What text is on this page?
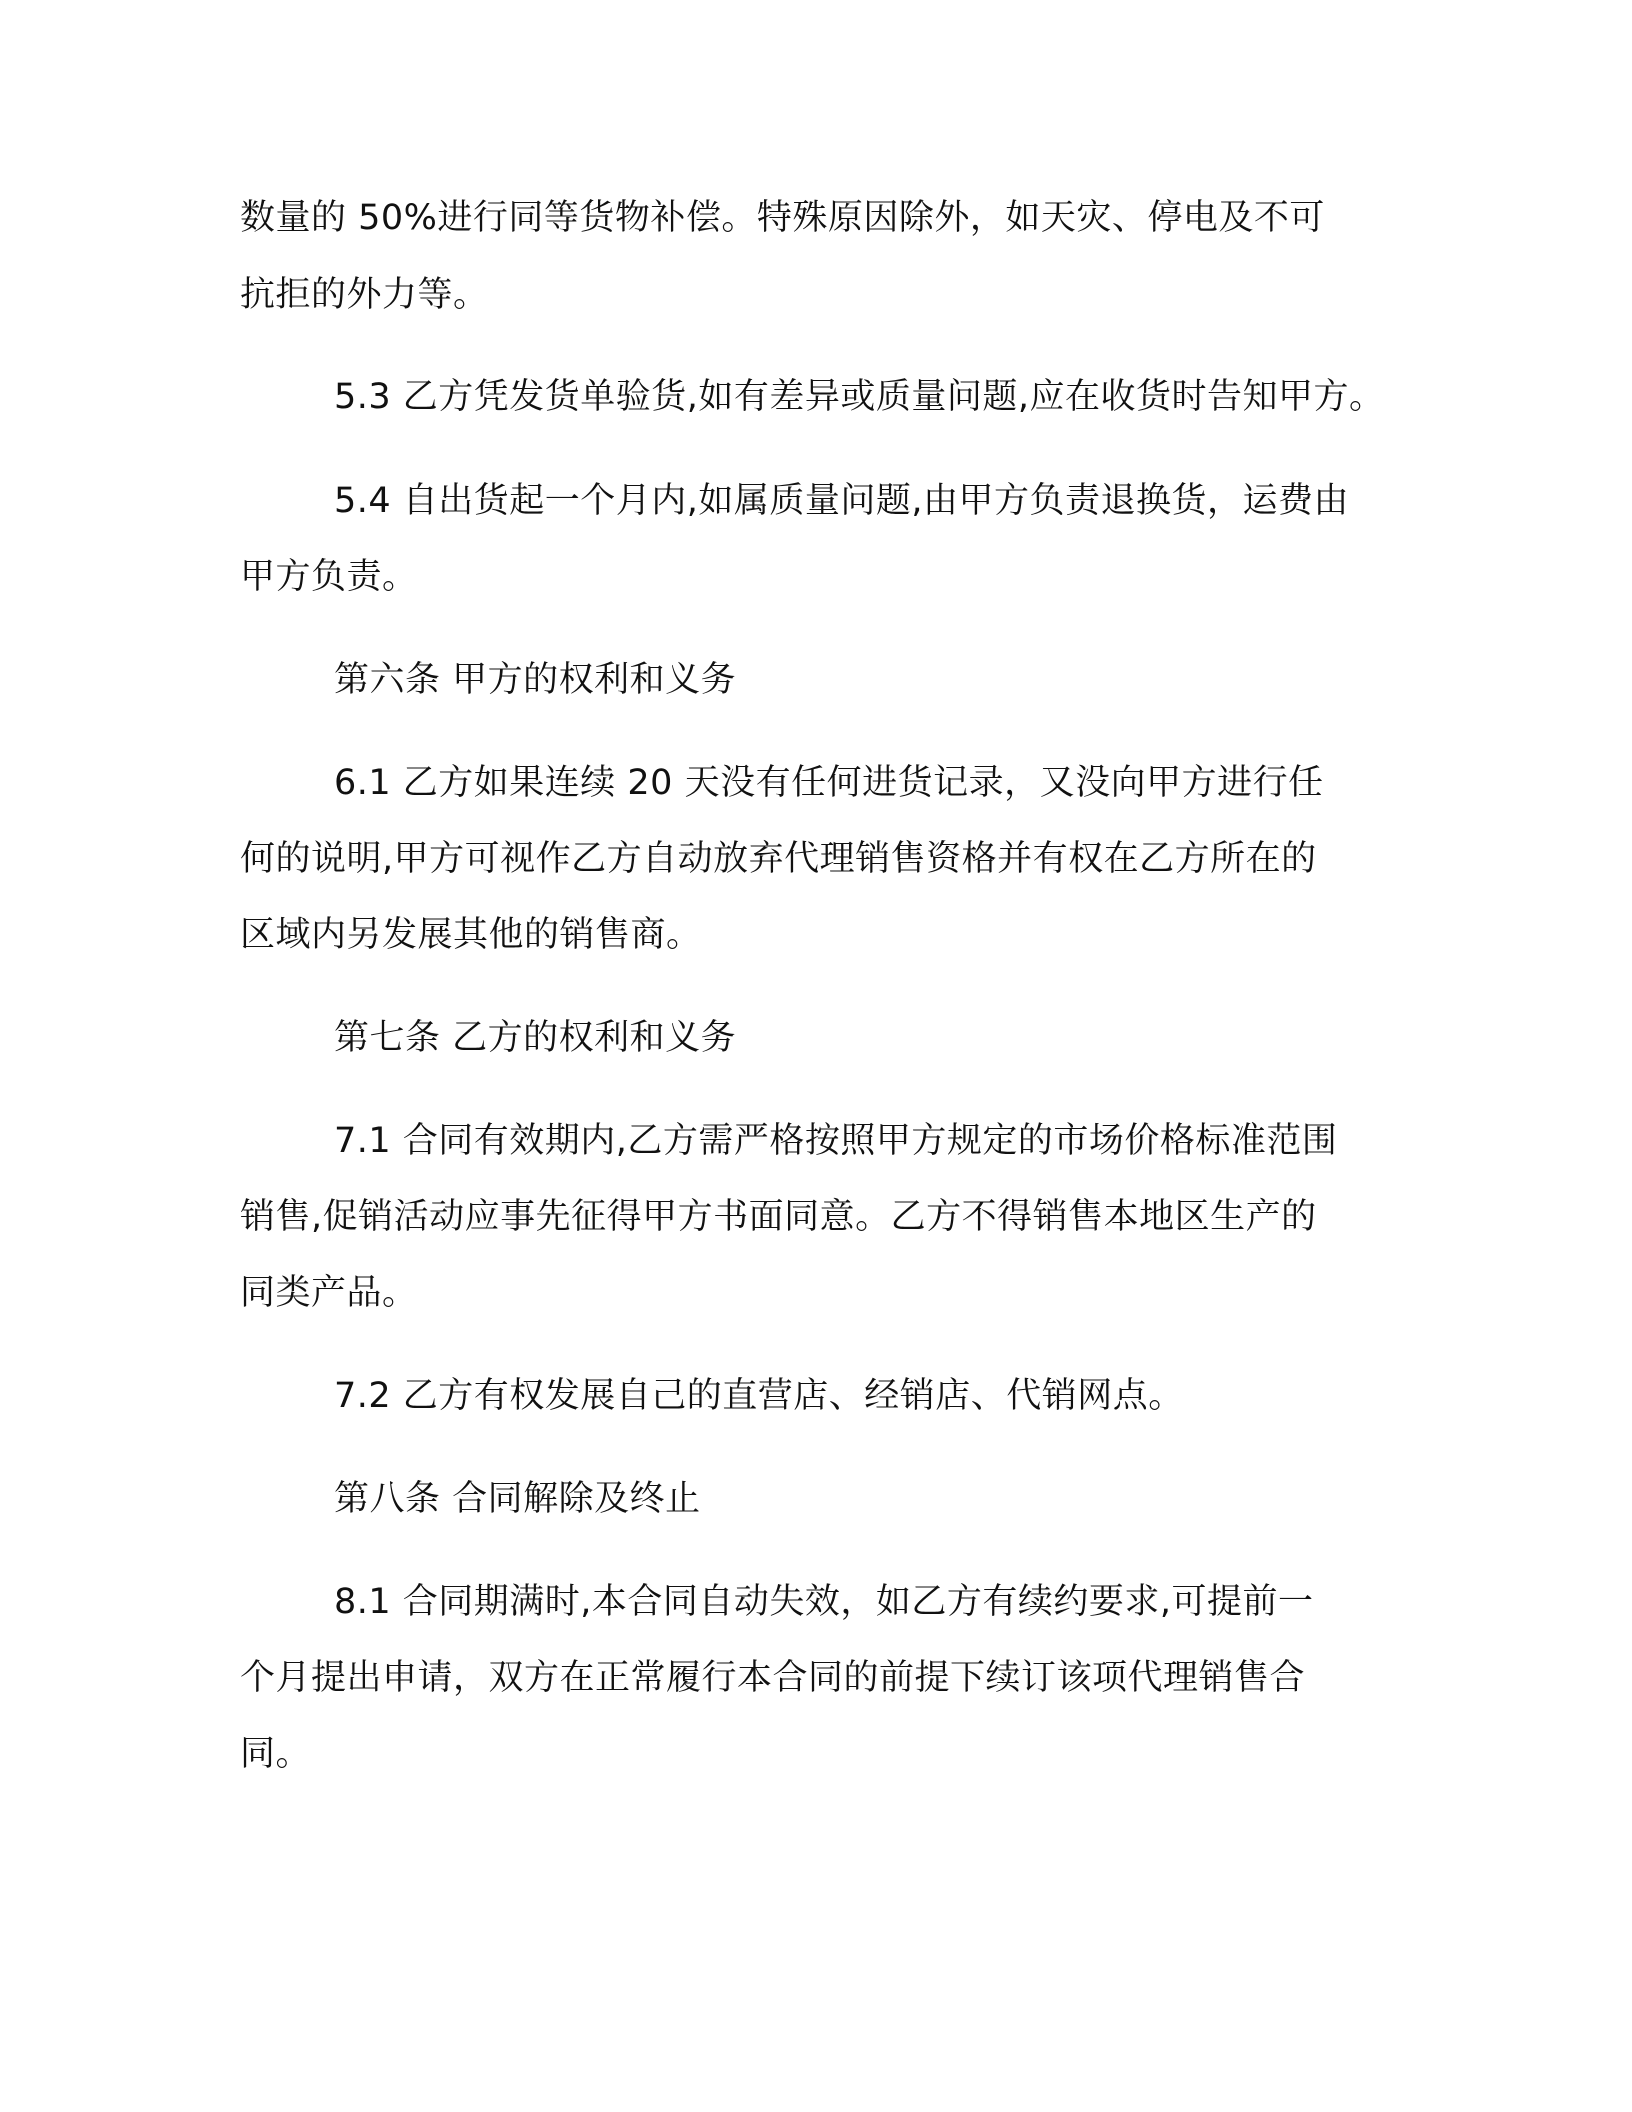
数量的 50%进行同等货物补偿。特殊原因除外，如天灾、停电及不可
抗拒的外力等。
5.3 乙方凭发货单验货,如有差异或质量问题,应在收货时告知甲方。
5.4 自出货起一个月内,如属质量问题,由甲方负责退换货，运费由
甲方负责。
第六条 甲方的权利和义务
6.1 乙方如果连续 20 天没有任何进货记录，又没向甲方进行任
何的说明,甲方可视作乙方自动放弃代理销售资格并有权在乙方所在的
区域内另发展其他的销售商。
第七条 乙方的权利和义务
7.1 合同有效期内,乙方需严格按照甲方规定的市场价格标准范围
销售,促销活动应事先征得甲方书面同意。乙方不得销售本地区生产的
同类产品。
7.2 乙方有权发展自己的直营店、经销店、代销网点。
第八条 合同解除及终止
8.1 合同期满时,本合同自动失效，如乙方有续约要求,可提前一
个月提出申请，双方在正常履行本合同的前提下续订该项代理销售合
同。
